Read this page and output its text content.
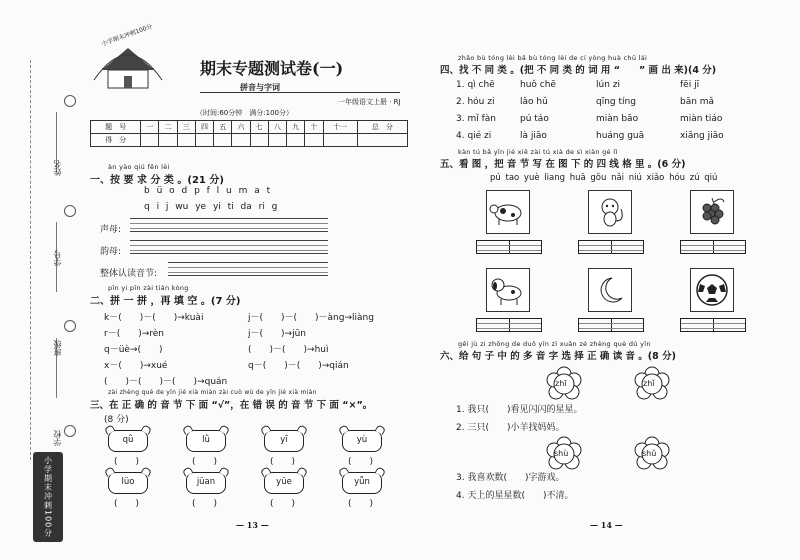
姓名
学号
班级
学校
小学期末冲刺100分
小学期末冲刺100分
期末专题测试卷(一)
拼音与字词
一年级语文上册 · RJ
（时间:60分钟　满分:100分）
题　号	一	二	三	四	五	六	七	八	九	十	十一	总　分
得　分												
àn yào qiú fēn lèi
一、按 要 求 分 类 。(21 分)
b ü o d p f l u m a t
q i j wu ye yi ti da ri g
声母:
韵母:
整体认读音节:
pīn yi pīn zài tián kòng
二、拼 一 拼 ，再 填 空 。(7 分)
k－(　　)－(　　)→kuài	j－(　　)－(　　)－àng→liàng
r－(　　)→rèn	j－(　　)→jūn
q－üè→(　　)	(　　)－(　　)→huì
x－(　　)→xué	q－(　　)－(　　)→qián
(　　)－(　　)－(　　)→quán
zài zhèng què de yīn jié xià miàn zài cuò wù de yīn jié xià miàn
三、在 正 确 的 音 节 下 面 “√”，在 错 误 的 音 节 下 面 “×”。
(8 分)
qǜ	lǜ	yī	yù
(　　)	(　　)	(　　)	(　　)
lüo	jüan	yüe	yǖn
(　　)	(　　)	(　　)	(　　)
— 13 —
zhǎo bù tóng lèi bǎ bù tóng lèi de cí yòng huà chū lái
四、找 不 同 类 。(把 不 同 类 的 词 用 “　　” 画 出 来)(4 分)
1. qì chē	huǒ chē	lún zi	fēi jī
2. hóu zi	lǎo hǔ	qīng tíng	bān mǎ
3. mǐ fàn	pú táo	miàn bāo	miàn tiáo
4. qié zi	là jiāo	huáng guā	xiāng jiāo
kàn tú bǎ yīn jié xiě zài tú xià de sì xiàn gé lǐ
五、看 图 ，把 音 节 写 在 图 下 的 四 线 格 里 。(6 分)
pú tao yuè liang huā gǒu nǎi niú xiǎo hóu zú qiú
gěi jù zi zhōng de duō yīn zì xuǎn zé zhèng què dú yīn
六、给 句 子 中 的 多 音 字 选 择 正 确 读 音 。(8 分)
zhī	zhǐ
1. 我只(　　)看见闪闪的星星。
2. 三只(　　)小羊找妈妈。
shù	shǔ
3. 我喜欢数(　　)字游戏。
4. 天上的星星数(　　)不清。
— 14 —
